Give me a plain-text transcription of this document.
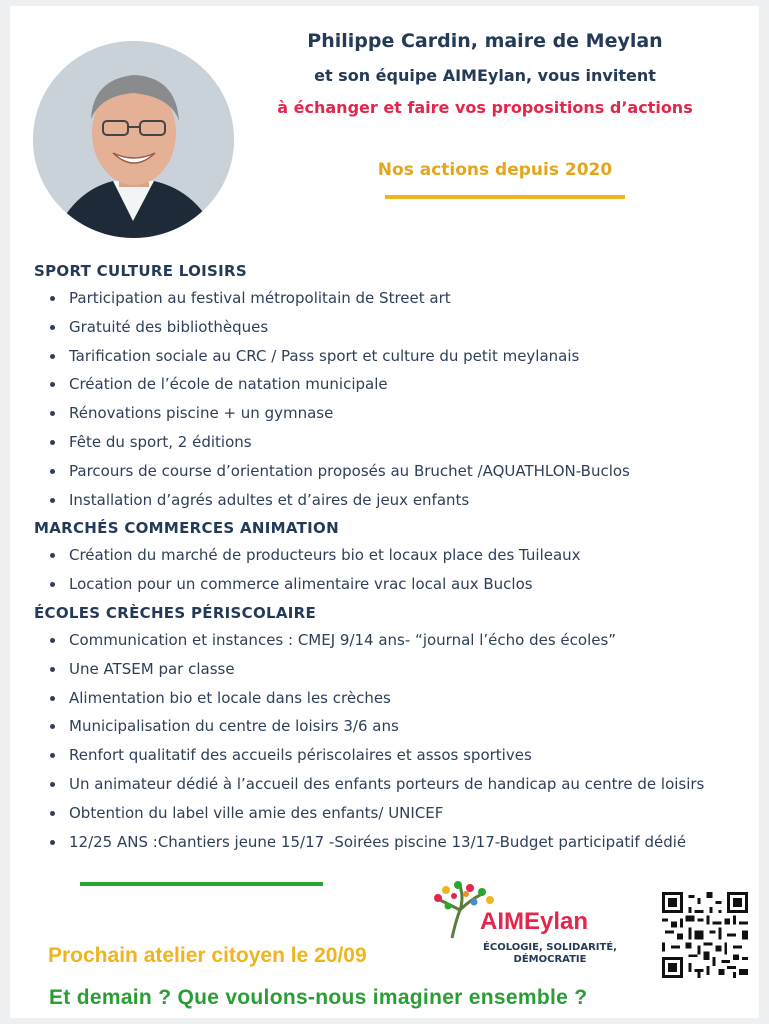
Philippe Cardin, maire de Meylan
et son équipe AIMEylan, vous invitent
à échanger et faire vos propositions d’actions
Nos actions depuis 2020
SPORT CULTURE LOISIRS
Participation au festival métropolitain de Street art
Gratuité des bibliothèques
Tarification sociale au CRC / Pass sport et culture du petit meylanais
Création de l’école de natation municipale
Rénovations piscine + un gymnase
Fête du sport, 2 éditions
Parcours de course d’orientation proposés au Bruchet /AQUATHLON-Buclos
Installation d’agrés adultes et d’aires de jeux enfants
MARCHÉS COMMERCES ANIMATION
Création du marché de producteurs bio et locaux place des Tuileaux
Location pour un commerce alimentaire vrac local aux Buclos
ÉCOLES CRÈCHES PÉRISCOLAIRE
Communication et instances : CMEJ 9/14 ans- “journal l’écho des écoles”
Une ATSEM par classe
Alimentation bio et locale dans les crèches
Municipalisation du centre de loisirs 3/6 ans
Renfort qualitatif des accueils périscolaires et assos sportives
Un animateur dédié à l’accueil des enfants porteurs de handicap au centre de loisirs
Obtention du label ville amie des enfants/ UNICEF
12/25 ANS :Chantiers jeune 15/17 -Soirées piscine 13/17-Budget participatif dédié
AIMEylan
ÉCOLOGIE, SOLIDARITÉ,
DÉMOCRATIE
Prochain atelier citoyen le 20/09
Et demain ? Que voulons-nous imaginer ensemble ?
